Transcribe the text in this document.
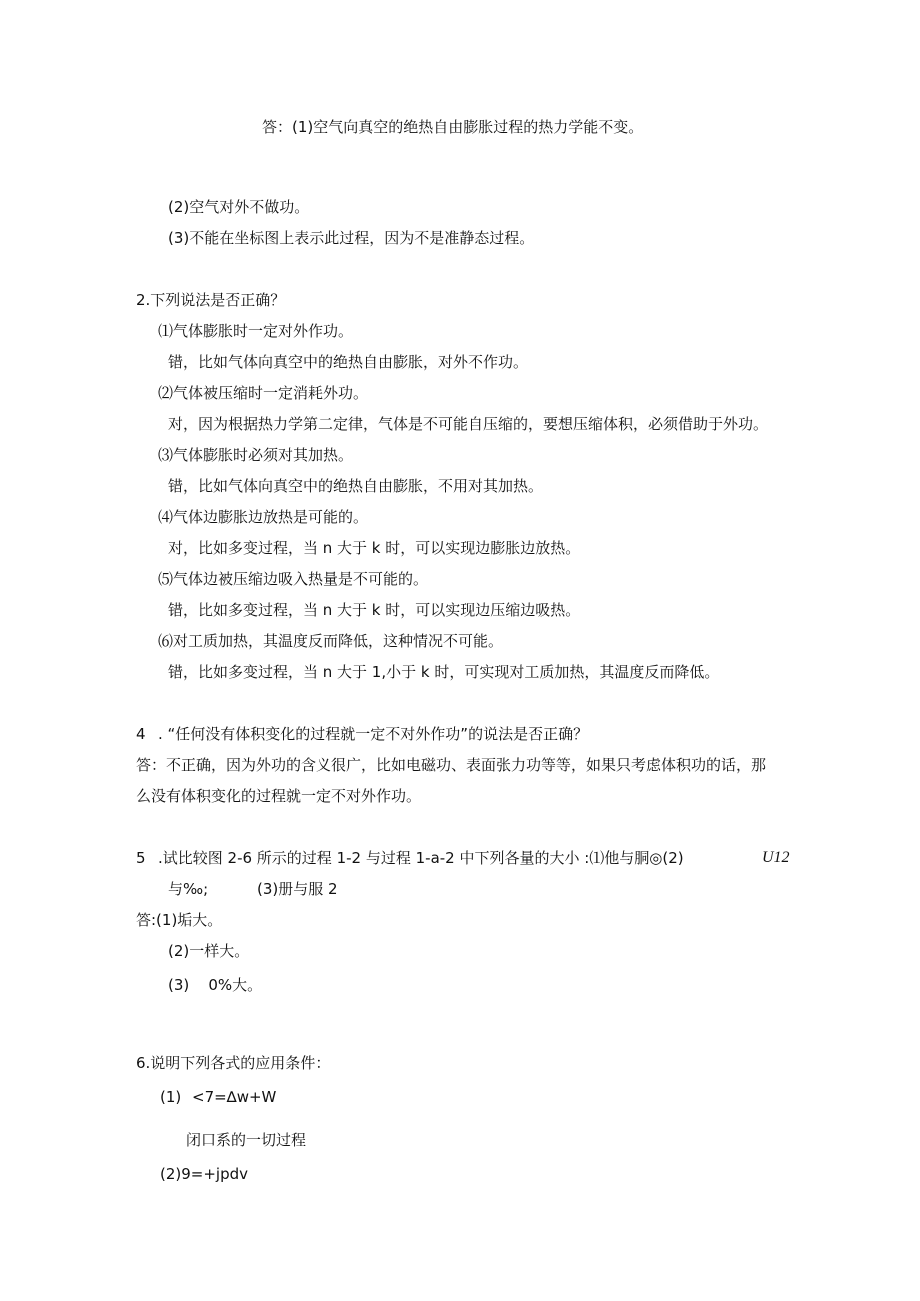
答：(1)空气向真空的绝热自由膨胀过程的热力学能不变。
(2)空气对外不做功。
(3)不能在坐标图上表示此过程，因为不是准静态过程。
2.下列说法是否正确？
⑴气体膨胀时一定对外作功。
错，比如气体向真空中的绝热自由膨胀，对外不作功。
⑵气体被压缩时一定消耗外功。
对，因为根据热力学第二定律，气体是不可能自压缩的，要想压缩体积，必须借助于外功。
⑶气体膨胀时必须对其加热。
错，比如气体向真空中的绝热自由膨胀，不用对其加热。
⑷气体边膨胀边放热是可能的。
对，比如多变过程，当 n 大于 k 时，可以实现边膨胀边放热。
⑸气体边被压缩边吸入热量是不可能的。
错，比如多变过程，当 n 大于 k 时，可以实现边压缩边吸热。
⑹对工质加热，其温度反而降低，这种情况不可能。
错，比如多变过程，当 n 大于 1,小于 k 时，可实现对工质加热，其温度反而降低。
4 . “任何没有体积变化的过程就一定不对外作功”的说法是否正确？
答：不正确，因为外功的含义很广，比如电磁功、表面张力功等等，如果只考虑体积功的话，那
么没有体积变化的过程就一定不对外作功。
5 .试比较图 2-6 所示的过程 1-2 与过程 1-a-2 中下列各量的大小 :⑴他与胴◎(2)	U12
与‰;	(3)册与服 2
答:(1)垢大。
(2)一样大。
(3)    0%大。
6.说明下列各式的应用条件：
(1) <7=∆w+W
闭口系的一切过程
(2)9=+jpdv
